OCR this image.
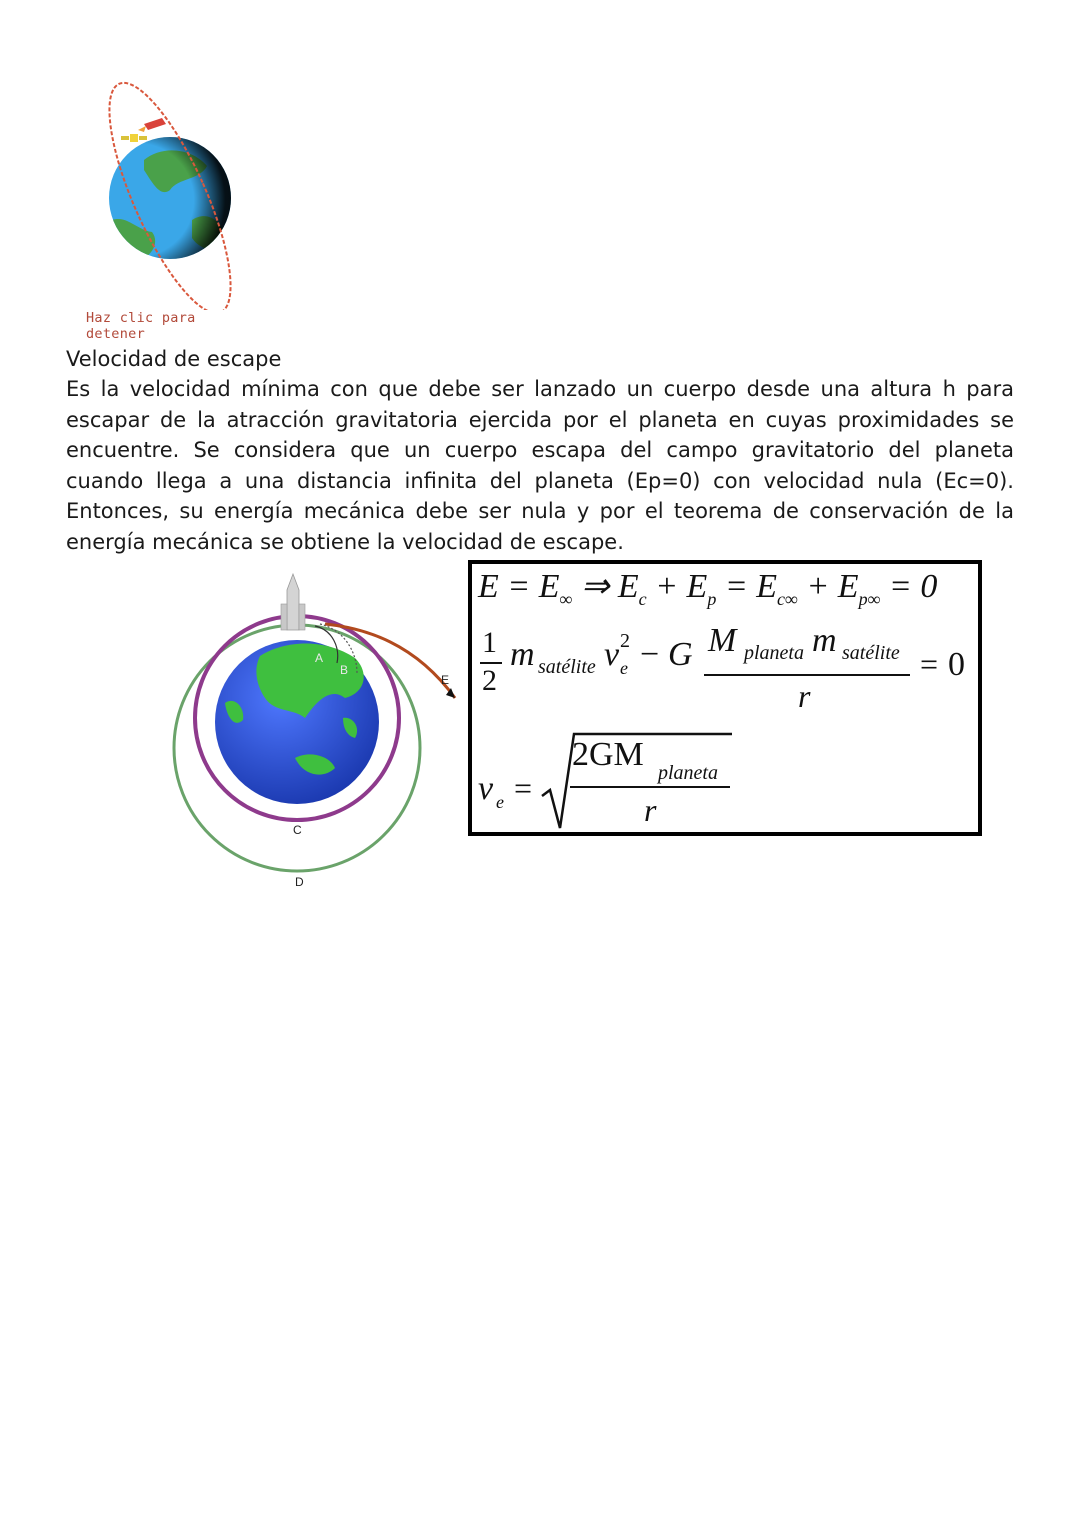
Haz clic para detener
Velocidad de escape
Es la velocidad mínima con que debe ser lanzado un cuerpo desde una altura h para escapar de la atracción gravitatoria ejercida por el planeta en cuyas proximidades se encuentre. Se considera que un cuerpo escapa del campo gravitatorio del planeta cuando llega a una distancia infinita del planeta (Ep=0) con velocidad nula (Ec=0). Entonces, su energía mecánica debe ser nula y por el teorema de conservación de la energía mecánica se obtiene la velocidad de escape.
A
B
E
C
D
$E = E_\infty$ ⇒ $E_c + E_p = E_{c\infty} + E_{p\infty} = 0$
1
2
m satélite v 2
e − G M planeta m satélite
r
= 0
v e =
2GM planeta
r
